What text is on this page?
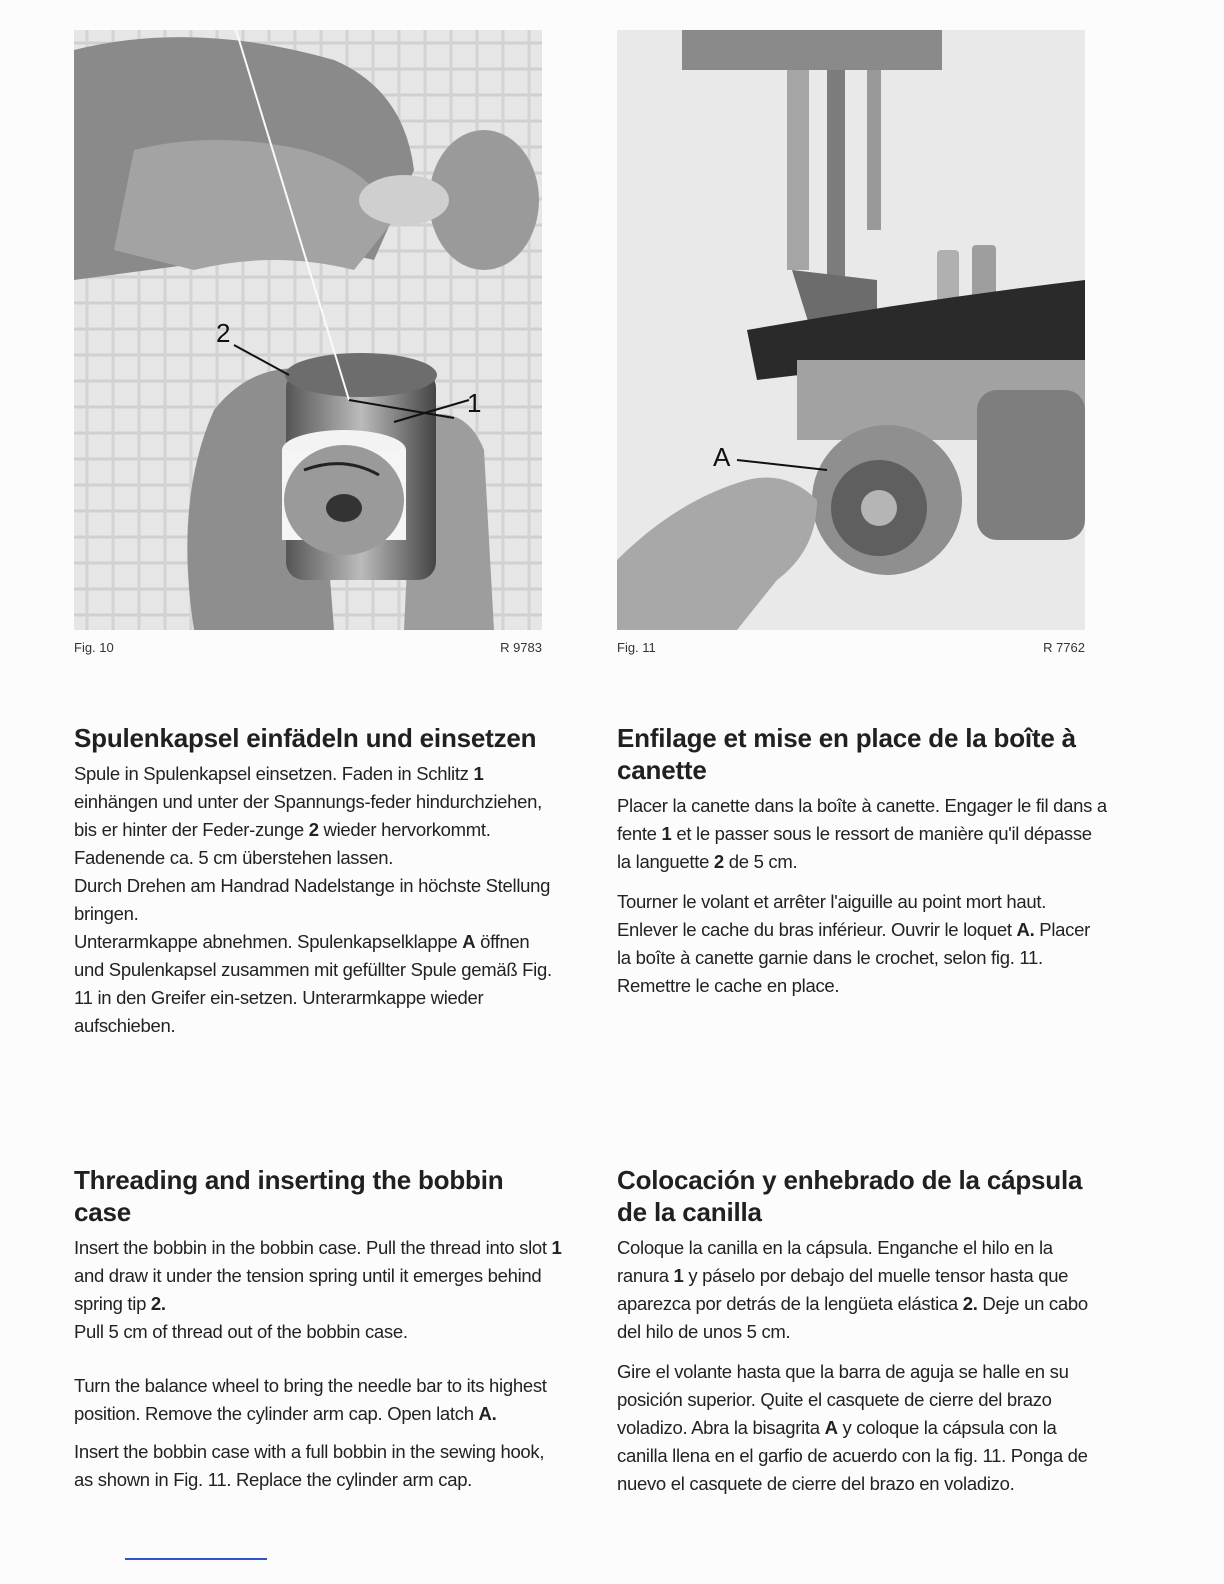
2
1
Fig. 10	R 9783
A
Fig. 11	R 7762
Spulenkapsel einfädeln und einsetzen

Spule in Spulenkapsel einsetzen. Faden in Schlitz 1 einhängen und unter der Spannungs-feder hindurchziehen, bis er hinter der Feder-zunge 2 wieder hervorkommt. Fadenende ca. 5 cm überstehen lassen.
Durch Drehen am Handrad Nadelstange in höchste Stellung bringen.
Unterarmkappe abnehmen. Spulenkapselklappe A öffnen und Spulenkapsel zusammen mit gefüllter Spule gemäß Fig. 11 in den Greifer ein-setzen. Unterarmkappe wieder aufschieben.

Enfilage et mise en place de la boîte à canette

Placer la canette dans la boîte à canette. Engager le fil dans a fente 1 et le passer sous le ressort de manière qu'il dépasse la languette 2 de 5 cm.

Tourner le volant et arrêter l'aiguille au point mort haut. Enlever le cache du bras inférieur. Ouvrir le loquet A. Placer la boîte à canette garnie dans le crochet, selon fig. 11. Remettre le cache en place.

Threading and inserting the bobbin case

Insert the bobbin in the bobbin case. Pull the thread into slot 1 and draw it under the tension spring until it emerges behind spring tip 2.
Pull 5 cm of thread out of the bobbin case.

Turn the balance wheel to bring the needle bar to its highest position. Remove the cylinder arm cap. Open latch A.

Insert the bobbin case with a full bobbin in the sewing hook, as shown in Fig. 11. Replace the cylinder arm cap.

Colocación y enhebrado de la cápsula de la canilla

Coloque la canilla en la cápsula. Enganche el hilo en la ranura 1 y páselo por debajo del muelle tensor hasta que aparezca por detrás de la lengüeta elástica 2. Deje un cabo del hilo de unos 5 cm.

Gire el volante hasta que la barra de aguja se halle en su posición superior. Quite el casquete de cierre del brazo voladizo. Abra la bisagrita A y coloque la cápsula con la canilla llena en el garfio de acuerdo con la fig. 11. Ponga de nuevo el casquete de cierre del brazo en voladizo.
